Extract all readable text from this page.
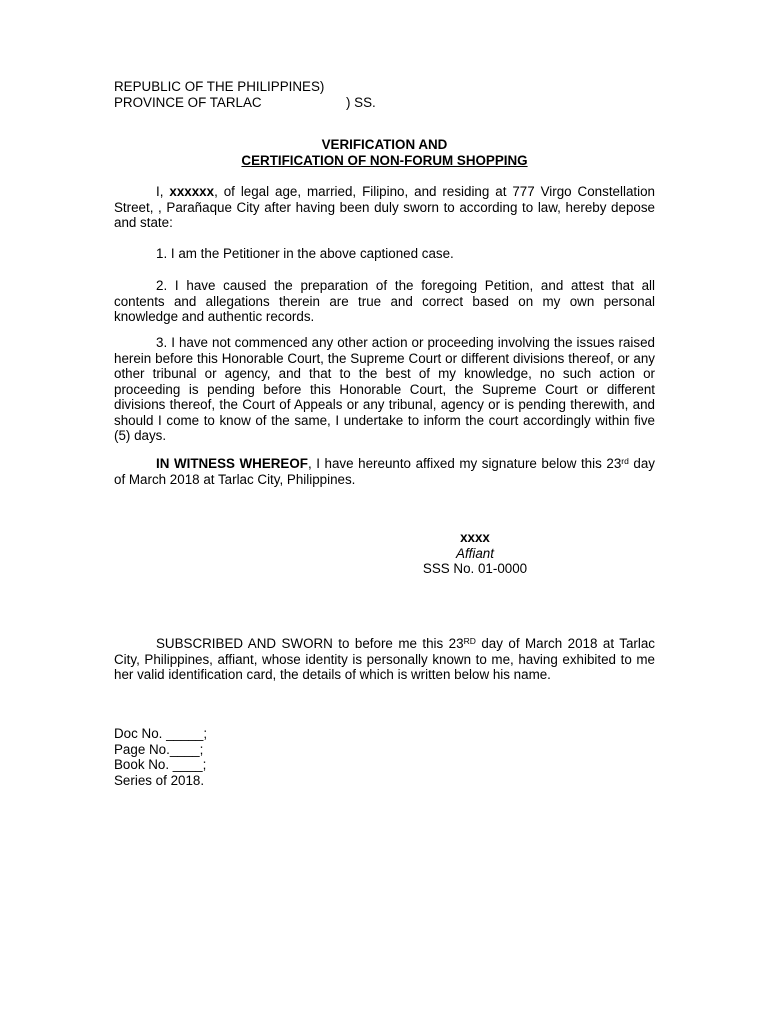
REPUBLIC OF THE PHILIPPINES)
PROVINCE OF TARLAC	) SS.
VERIFICATION AND
CERTIFICATION OF NON-FORUM SHOPPING

I, xxxxxx, of legal age, married, Filipino, and residing at 777 Virgo Constellation Street, , Parañaque City after having been duly sworn to according to law, hereby depose and state:

1. I am the Petitioner in the above captioned case.

2. I have caused the preparation of the foregoing Petition, and attest that all contents and allegations therein are true and correct based on my own personal knowledge and authentic records.

3. I have not commenced any other action or proceeding involving the issues raised herein before this Honorable Court, the Supreme Court or different divisions thereof, or any other tribunal or agency, and that to the best of my knowledge, no such action or proceeding is pending before this Honorable Court, the Supreme Court or different divisions thereof, the Court of Appeals or any tribunal, agency or is pending therewith, and should I come to know of the same, I undertake to inform the court accordingly within five (5) days.

IN WITNESS WHEREOF, I have hereunto affixed my signature below this 23rd day of March 2018 at Tarlac City, Philippines.

xxxx
Affiant
SSS No. 01-0000

SUBSCRIBED AND SWORN to before me this 23RD day of March 2018 at Tarlac City, Philippines, affiant, whose identity is personally known to me, having exhibited to me her valid identification card, the details of which is written below his name.

Doc No. _____;
Page No.____;
Book No. ____;
Series of 2018.
